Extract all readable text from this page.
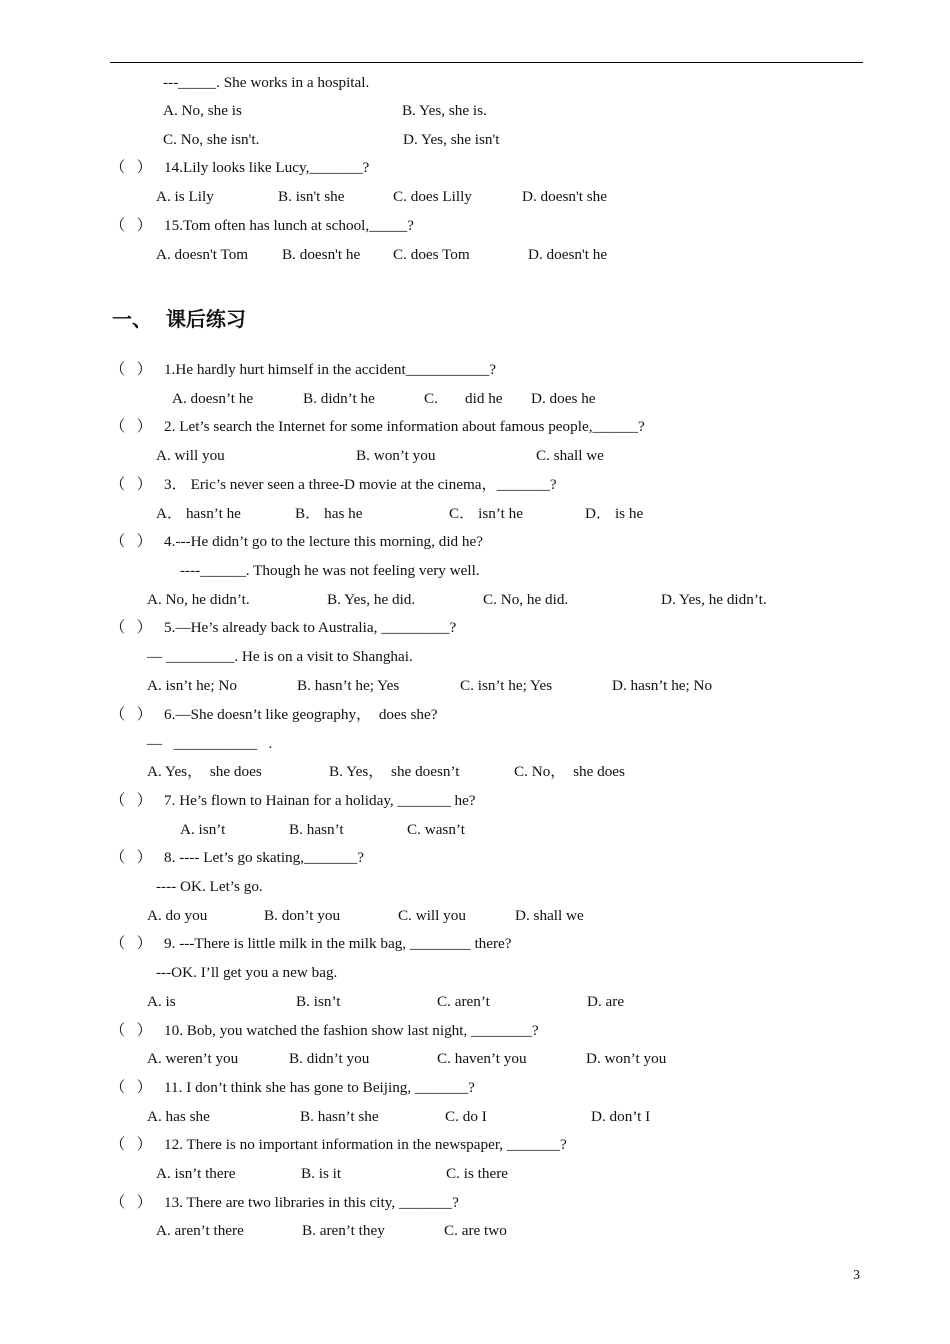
---_____. She works in a hospital.
A. No, she is	B. Yes, she is.
C. No, she isn't.	D. Yes, she isn't
（   ） 14.Lily looks like Lucy,_______?
A. is Lily	B. isn't she	C. does Lilly	D. doesn't she
（   ） 15.Tom often has lunch at school,_____?
A. doesn't Tom B. doesn't he C. does Tom	D. doesn't he
一、  课后练习
（   ） 1.He hardly hurt himself in the accident___________?
A. doesn’t he	B. didn’t he	C. did he D. does he
（   ） 2. Let’s search the Internet for some information about famous people,______?
A. will you	B. won’t you	C. shall we
（   ） 3． Eric’s never seen a three-D movie at the cinema，_______?
A． hasn’t he	B． has he	C． isn’t he	D． is he
（   ） 4.---He didn’t go to the lecture this morning, did he?
----______. Though he was not feeling very well.
A. No, he didn’t.	B. Yes, he did.	C. No, he did.	D. Yes, he didn’t.
（   ） 5.—He’s already back to Australia, _________?
— _________. He is on a visit to Shanghai.
A. isn’t he; No	B. hasn’t he; Yes	C. isn’t he; Yes	D. hasn’t he; No
（   ） 6.—She doesn’t like geography，  does she?
—   ___________   .
A. Yes，  she does	B. Yes，  she doesn’t	C. No，  she does
（   ） 7. He’s flown to Hainan for a holiday, _______ he?
A. isn’t	B. hasn’t	C. wasn’t
（   ） 8. ---- Let’s go skating,_______?
---- OK. Let’s go.
A. do you	B. don’t you	C. will you	D. shall we
（   ） 9. ---There is little milk in the milk bag, ________ there?
---OK. I’ll get you a new bag.
A. is	B. isn’t	C. aren’t	D. are
（   ） 10. Bob, you watched the fashion show last night, ________?
A. weren’t you	B. didn’t you	C. haven’t you	D. won’t you
（   ） 11. I don’t think she has gone to Beijing, _______?
A. has she	B. hasn’t she	C. do I	D. don’t I
（   ） 12. There is no important information in the newspaper, _______?
A. isn’t there	B. is it	C. is there
（   ） 13. There are two libraries in this city, _______?
A. aren’t there	B. aren’t they	C. are two
3
